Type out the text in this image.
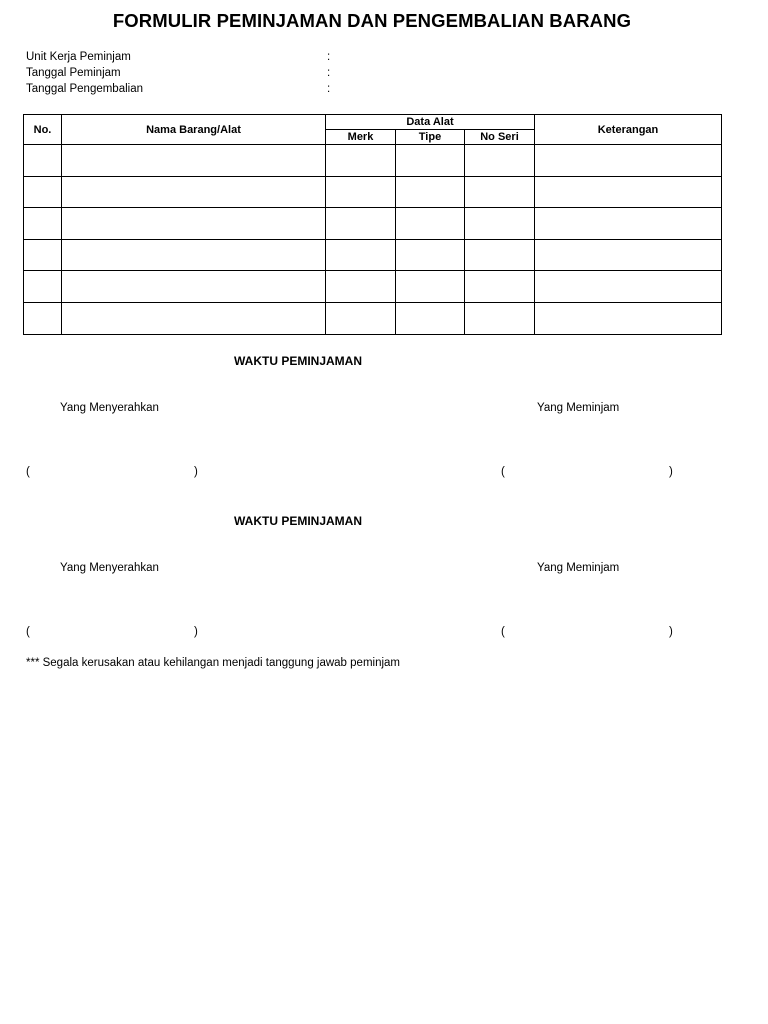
FORMULIR PEMINJAMAN DAN PENGEMBALIAN BARANG
Unit Kerja Peminjam	:
Tanggal Peminjam	:
Tanggal Pengembalian	:
No.	Nama Barang/Alat	Data Alat			Keterangan
		Merk	Tipe	No Seri	

WAKTU PEMINJAMAN
Yang Menyerahkan	Yang Meminjam
(	)	(	)
WAKTU PEMINJAMAN
Yang Menyerahkan	Yang Meminjam
(	)	(	)
*** Segala kerusakan atau kehilangan menjadi tanggung jawab peminjam
